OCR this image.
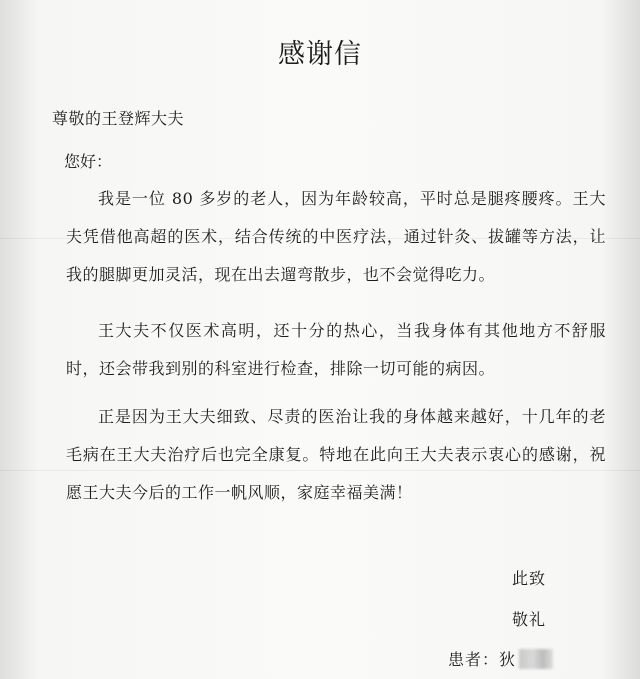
感谢信
尊敬的王登辉大夫
您好：

我是一位 80 多岁的老人，因为年龄较高，平时总是腿疼腰疼。王大夫凭借他高超的医术，结合传统的中医疗法，通过针灸、拔罐等方法，让我的腿脚更加灵活，现在出去遛弯散步，也不会觉得吃力。

王大夫不仅医术高明，还十分的热心，当我身体有其他地方不舒服时，还会带我到别的科室进行检查，排除一切可能的病因。

正是因为王大夫细致、尽责的医治让我的身体越来越好，十几年的老毛病在王大夫治疗后也完全康复。特地在此向王大夫表示衷心的感谢，祝愿王大夫今后的工作一帆风顺，家庭幸福美满！

此致
敬礼
患者： 狄
